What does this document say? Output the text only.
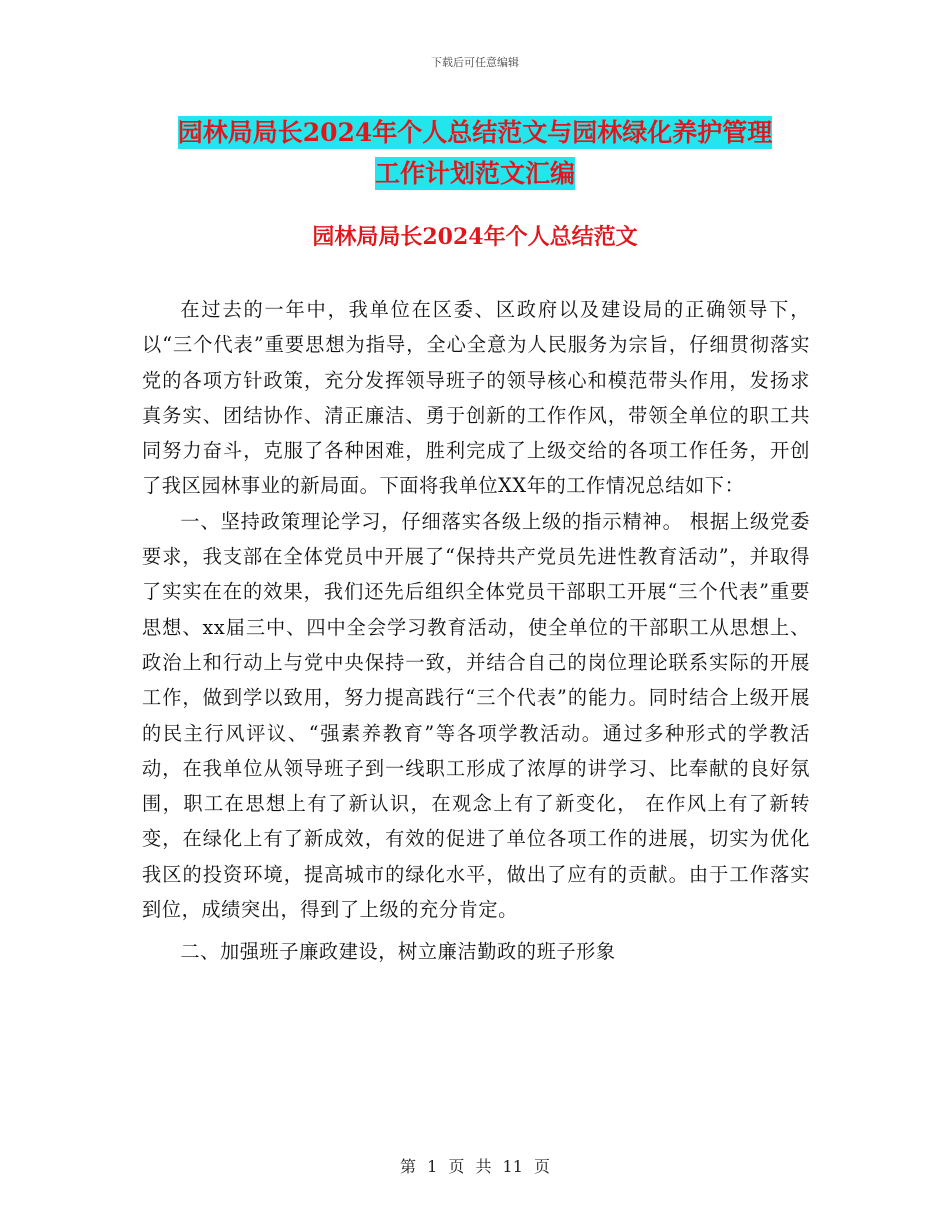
下载后可任意编辑
园林局局长2024年个人总结范文与园林绿化养护管理
工作计划范文汇编
园林局局长2024年个人总结范文

在过去的一年中，我单位在区委、区政府以及建设局的正确领导下，以“三个代表”重要思想为指导，全心全意为人民服务为宗旨，仔细贯彻落实党的各项方针政策，充分发挥领导班子的领导核心和模范带头作用，发扬求真务实、团结协作、清正廉洁、勇于创新的工作作风，带领全单位的职工共同努力奋斗，克服了各种困难，胜利完成了上级交给的各项工作任务，开创了我区园林事业的新局面。下面将我单位XX年的工作情况总结如下：

一、坚持政策理论学习，仔细落实各级上级的指示精神。 根据上级党委要求，我支部在全体党员中开展了“保持共产党员先进性教育活动”，并取得了实实在在的效果，我们还先后组织全体党员干部职工开展“三个代表”重要思想、xx届三中、四中全会学习教育活动，使全单位的干部职工从思想上、政治上和行动上与党中央保持一致，并结合自己的岗位理论联系实际的开展工作，做到学以致用，努力提高践行“三个代表”的能力。同时结合上级开展的民主行风评议、“强素养教育”等各项学教活动。通过多种形式的学教活动，在我单位从领导班子到一线职工形成了浓厚的讲学习、比奉献的良好氛围，职工在思想上有了新认识，在观念上有了新变化， 在作风上有了新转变，在绿化上有了新成效，有效的促进了单位各项工作的进展，切实为优化我区的投资环境，提高城市的绿化水平，做出了应有的贡献。由于工作落实到位，成绩突出，得到了上级的充分肯定。

二、加强班子廉政建设，树立廉洁勤政的班子形象

第 1 页 共 11 页
